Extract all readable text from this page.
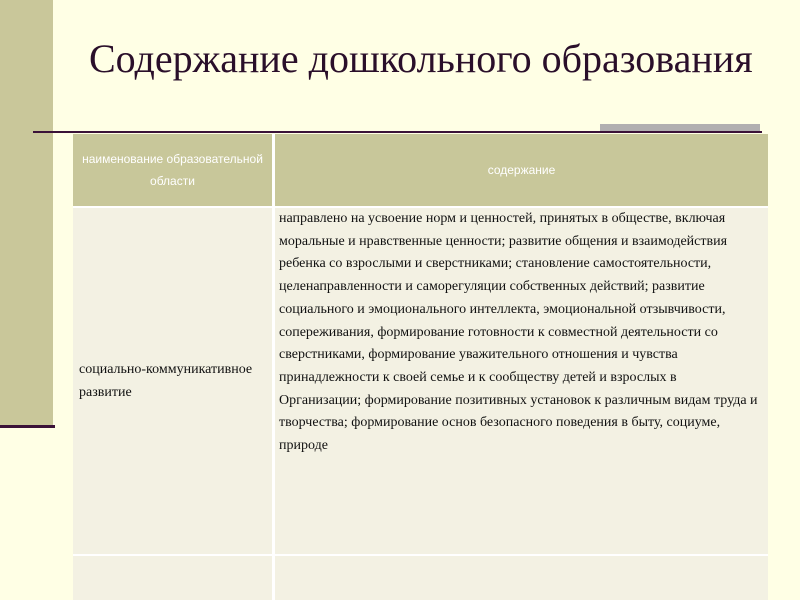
Содержание дошкольного образования
наименование образовательной области
содержание

социально-коммуникативное развитие

направлено на усвоение норм и ценностей, принятых в обществе, включая моральные и нравственные ценности; развитие общения и взаимодействия ребенка со взрослыми и сверстниками; становление самостоятельности, целенаправленности и саморегуляции собственных действий; развитие социального и эмоционального интеллекта, эмоциональной отзывчивости, сопереживания, формирование готовности к совместной деятельности со сверстниками, формирование уважительного отношения и чувства принадлежности к своей семье и к сообществу детей и взрослых в Организации; формирование позитивных установок к различным видам труда и творчества; формирование основ безопасного поведения в быту, социуме, природе
